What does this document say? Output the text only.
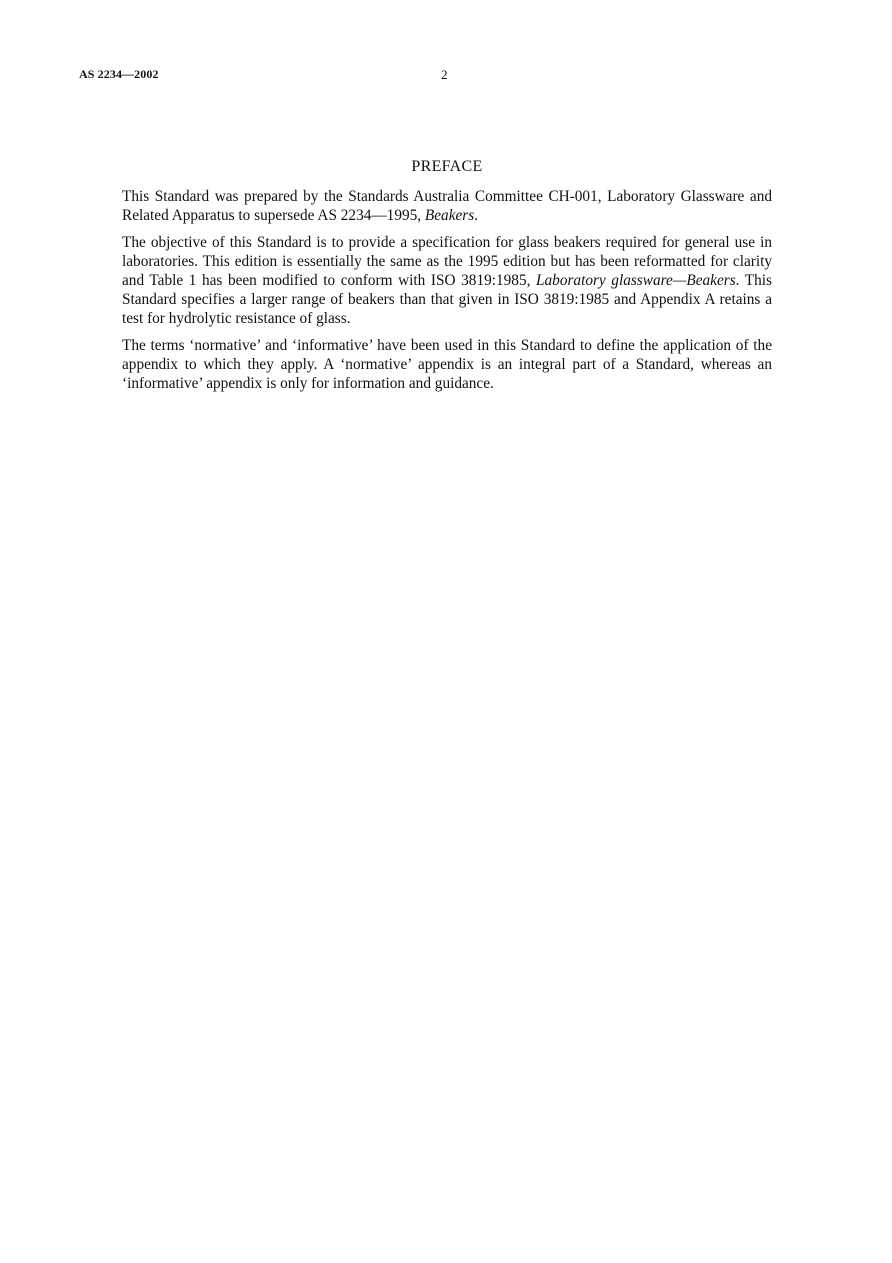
AS 2234—2002	2
PREFACE

This Standard was prepared by the Standards Australia Committee CH-001, Laboratory Glassware and Related Apparatus to supersede AS 2234—1995, Beakers.

The objective of this Standard is to provide a specification for glass beakers required for general use in laboratories. This edition is essentially the same as the 1995 edition but has been reformatted for clarity and Table 1 has been modified to conform with ISO 3819:1985, Laboratory glassware—Beakers. This Standard specifies a larger range of beakers than that given in ISO 3819:1985 and Appendix A retains a test for hydrolytic resistance of glass.

The terms ‘normative’ and ‘informative’ have been used in this Standard to define the application of the appendix to which they apply. A ‘normative’ appendix is an integral part of a Standard, whereas an ‘informative’ appendix is only for information and guidance.
